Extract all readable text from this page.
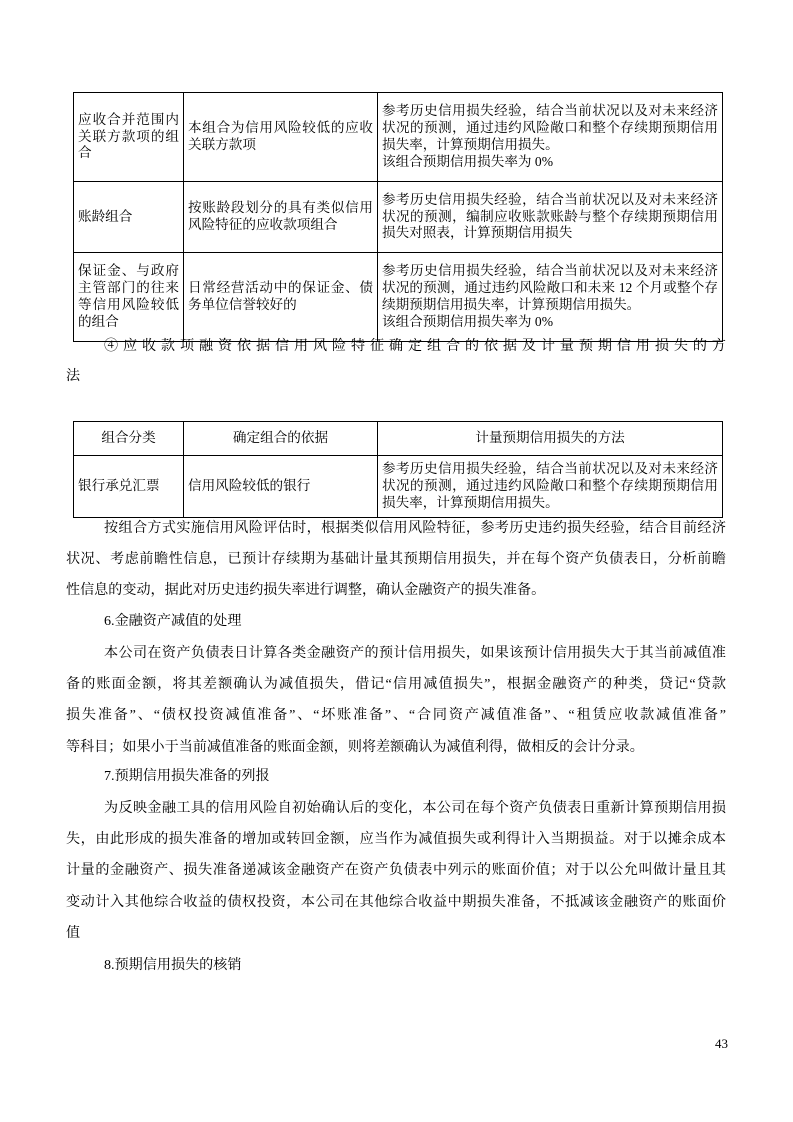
应收合并范围内关联方款项的组合	本组合为信用风险较低的应收关联方款项	参考历史信用损失经验，结合当前状况以及对未来经济状况的预测，通过违约风险敞口和整个存续期预期信用损失率，计算预期信用损失。
该组合预期信用损失率为 0%

账龄组合	按账龄段划分的具有类似信用风险特征的应收款项组合	参考历史信用损失经验，结合当前状况以及对未来经济状况的预测，编制应收账款账龄与整个存续期预期信用损失对照表，计算预期信用损失

保证金、与政府主管部门的往来等信用风险较低的组合	日常经营活动中的保证金、债务单位信誉较好的	参考历史信用损失经验，结合当前状况以及对未来经济状况的预测，通过违约风险敞口和未来 12 个月或整个存续期预期信用损失率，计算预期信用损失。
该组合预期信用损失率为 0%
④应收款项融资依据信用风险特征确定组合的依据及计量预期信用损失的方
法
组合分类	确定组合的依据	计量预期信用损失的方法
银行承兑汇票	信用风险较低的银行	参考历史信用损失经验，结合当前状况以及对未来经济状况的预测，通过违约风险敞口和整个存续期预期信用损失率，计算预期信用损失。
按组合方式实施信用风险评估时，根据类似信用风险特征，参考历史违约损失经验，结合目前经济
状况、考虑前瞻性信息，已预计存续期为基础计量其预期信用损失，并在每个资产负债表日，分析前瞻
性信息的变动，据此对历史违约损失率进行调整，确认金融资产的损失准备。
6.金融资产减值的处理
本公司在资产负债表日计算各类金融资产的预计信用损失，如果该预计信用损失大于其当前减值准
备的账面金额，将其差额确认为减值损失，借记“信用减值损失”，根据金融资产的种类，贷记“贷款
损失准备”、“债权投资减值准备”、“坏账准备”、“合同资产减值准备”、“租赁应收款减值准备”
等科目；如果小于当前减值准备的账面金额，则将差额确认为减值利得，做相反的会计分录。
7.预期信用损失准备的列报
为反映金融工具的信用风险自初始确认后的变化，本公司在每个资产负债表日重新计算预期信用损
失，由此形成的损失准备的增加或转回金额，应当作为减值损失或利得计入当期损益。对于以摊余成本
计量的金融资产、损失准备递减该金融资产在资产负债表中列示的账面价值；对于以公允叫做计量且其
变动计入其他综合收益的债权投资，本公司在其他综合收益中期损失准备，不抵减该金融资产的账面价
值
8.预期信用损失的核销
43
